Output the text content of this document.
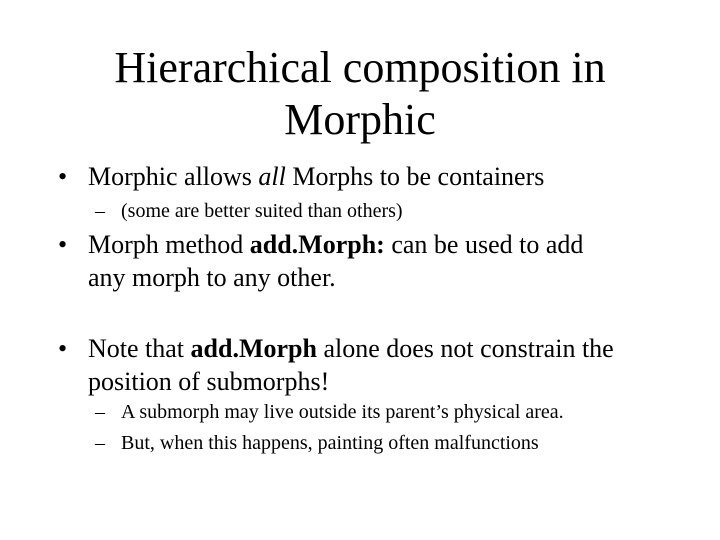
Hierarchical composition in
Morphic
• Morphic allows all Morphs to be containers
– (some are better suited than others)
• Morph method add.Morph: can be used to add
any morph to any other.
• Note that add.Morph alone does not constrain the
position of submorphs!
– A submorph may live outside its parent’s physical area.
– But, when this happens, painting often malfunctions
